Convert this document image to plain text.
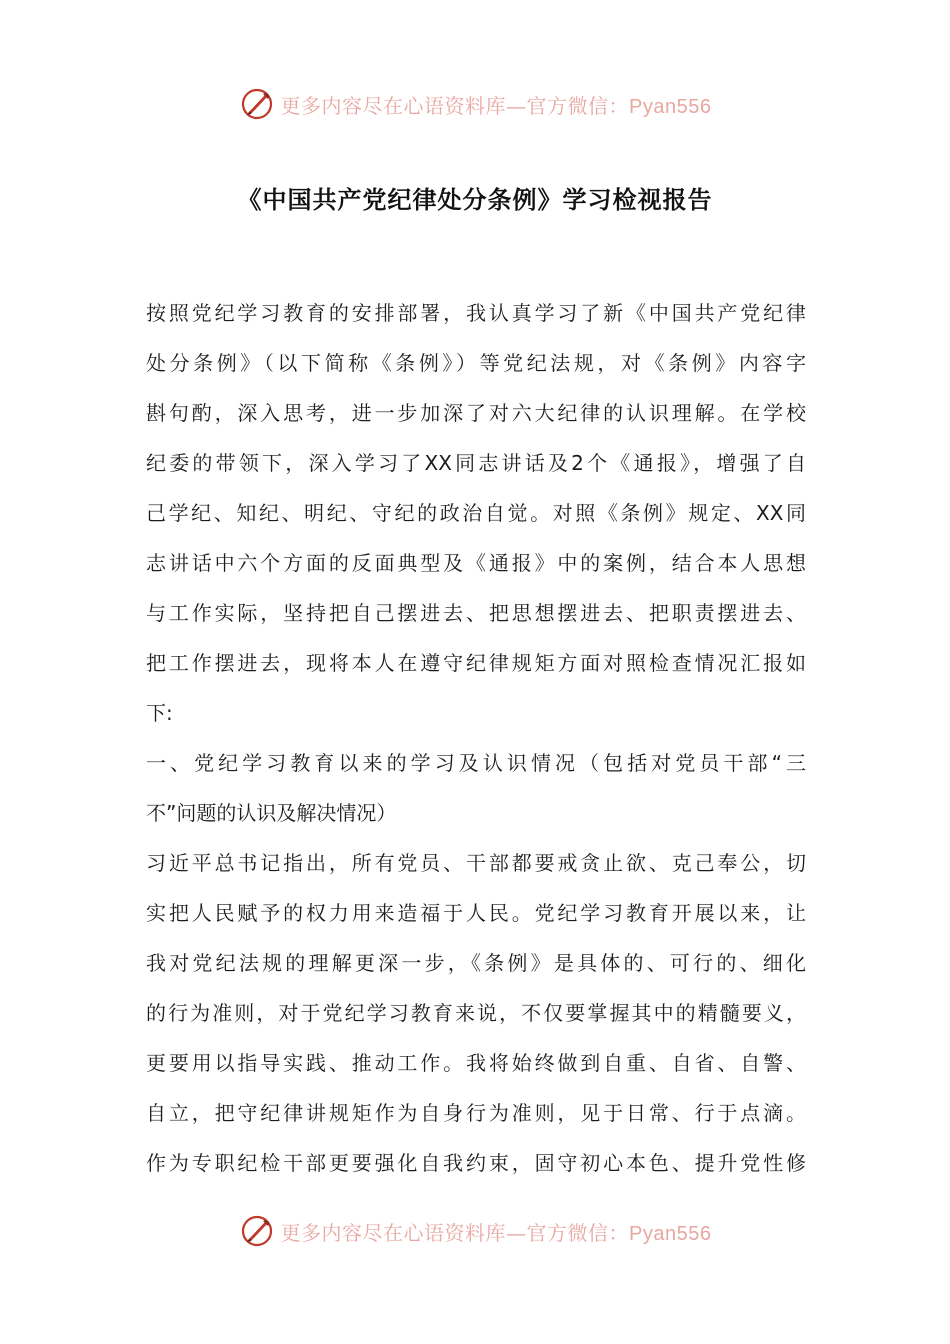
更多内容尽在心语资料库—官方微信：Pyan556
《中国共产党纪律处分条例》学习检视报告
按照党纪学习教育的安排部署，我认真学习了新《中国共产党纪律
处分条例》（以下简称《条例》）等党纪法规，对《条例》内容字
斟句酌，深入思考，进一步加深了对六大纪律的认识理解。在学校
纪委的带领下，深入学习了XX同志讲话及2个《通报》，增强了自
己学纪、知纪、明纪、守纪的政治自觉。对照《条例》规定、XX同
志讲话中六个方面的反面典型及《通报》中的案例，结合本人思想
与工作实际，坚持把自己摆进去、把思想摆进去、把职责摆进去、
把工作摆进去，现将本人在遵守纪律规矩方面对照检查情况汇报如
下:
一、党纪学习教育以来的学习及认识情况（包括对党员干部“三
不”问题的认识及解决情况）
习近平总书记指出，所有党员、干部都要戒贪止欲、克己奉公，切
实把人民赋予的权力用来造福于人民。党纪学习教育开展以来，让
我对党纪法规的理解更深一步，《条例》是具体的、可行的、细化
的行为准则，对于党纪学习教育来说，不仅要掌握其中的精髓要义，
更要用以指导实践、推动工作。我将始终做到自重、自省、自警、
自立，把守纪律讲规矩作为自身行为准则，见于日常、行于点滴。
作为专职纪检干部更要强化自我约束，固守初心本色、提升党性修
更多内容尽在心语资料库—官方微信：Pyan556
